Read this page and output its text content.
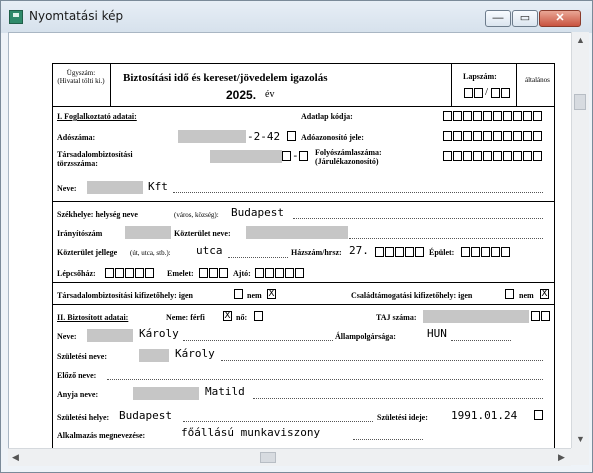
Nyomtatási kép	—	▭	✕
Ügyszám: (Hivatal tölti ki.) Biztosítási idő és kereset/jövedelem igazolás
2025. év
Lapszám:
/
általános
I. Foglalkoztató adatai:	Adatlap kódja:
Adószáma:	-2-42	Adóazonosító jele:
Társadalombiztosítási törzsszáma:
- Folyószámlaszáma: (Járulékazonosító)
Neve:	Kft
Székhelye: helység neve	(város, község): Budapest
Irányítószám	Közterület neve:
Közterület jellege (út, utca, stb.): utca	Házszám/hrsz: 27.	Épület:
Lépcsőház:	Emelet:	Ajtó:
Társadalombiztosítási kifizetőhely: igen	nem X	Családtámogatási kifizetőhely: igen	nem X
II. Biztosított adatai:	Neme: férfi X nő:	TAJ száma:
Neve:	Károly	Állampolgársága:	HUN
Születési neve:	Károly
Előző neve:
Anyja neve:	Matild
Születési helye: Budapest	Születési ideje: 1991.01.24
Alkalmazás megnevezése:	főállású munkaviszony
▲
▼
◀	▶
